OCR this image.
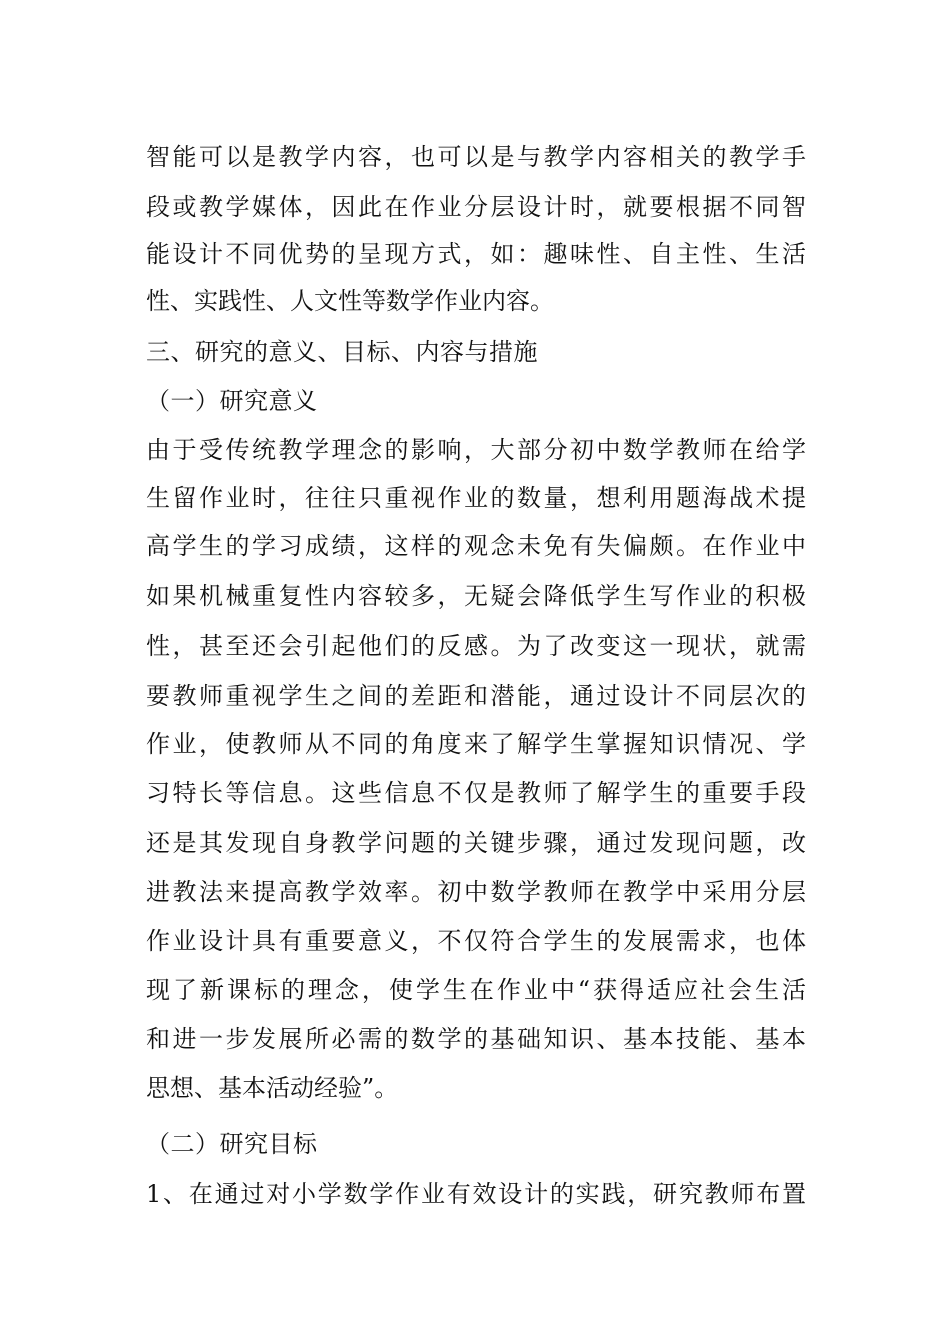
智能可以是教学内容，也可以是与教学内容相关的教学手
段或教学媒体，因此在作业分层设计时，就要根据不同智
能设计不同优势的呈现方式，如：趣味性、自主性、生活
性、实践性、人文性等数学作业内容。
三、研究的意义、目标、内容与措施
（一）研究意义
由于受传统教学理念的影响，大部分初中数学教师在给学
生留作业时，往往只重视作业的数量，想利用题海战术提
高学生的学习成绩，这样的观念未免有失偏颇。在作业中
如果机械重复性内容较多，无疑会降低学生写作业的积极
性，甚至还会引起他们的反感。为了改变这一现状，就需
要教师重视学生之间的差距和潜能，通过设计不同层次的
作业，使教师从不同的角度来了解学生掌握知识情况、学
习特长等信息。这些信息不仅是教师了解学生的重要手段
还是其发现自身教学问题的关键步骤，通过发现问题，改
进教法来提高教学效率。初中数学教师在教学中采用分层
作业设计具有重要意义，不仅符合学生的发展需求，也体
现了新课标的理念，使学生在作业中“获得适应社会生活
和进一步发展所必需的数学的基础知识、基本技能、基本
思想、基本活动经验”。
（二）研究目标
1、在通过对小学数学作业有效设计的实践，研究教师布置
